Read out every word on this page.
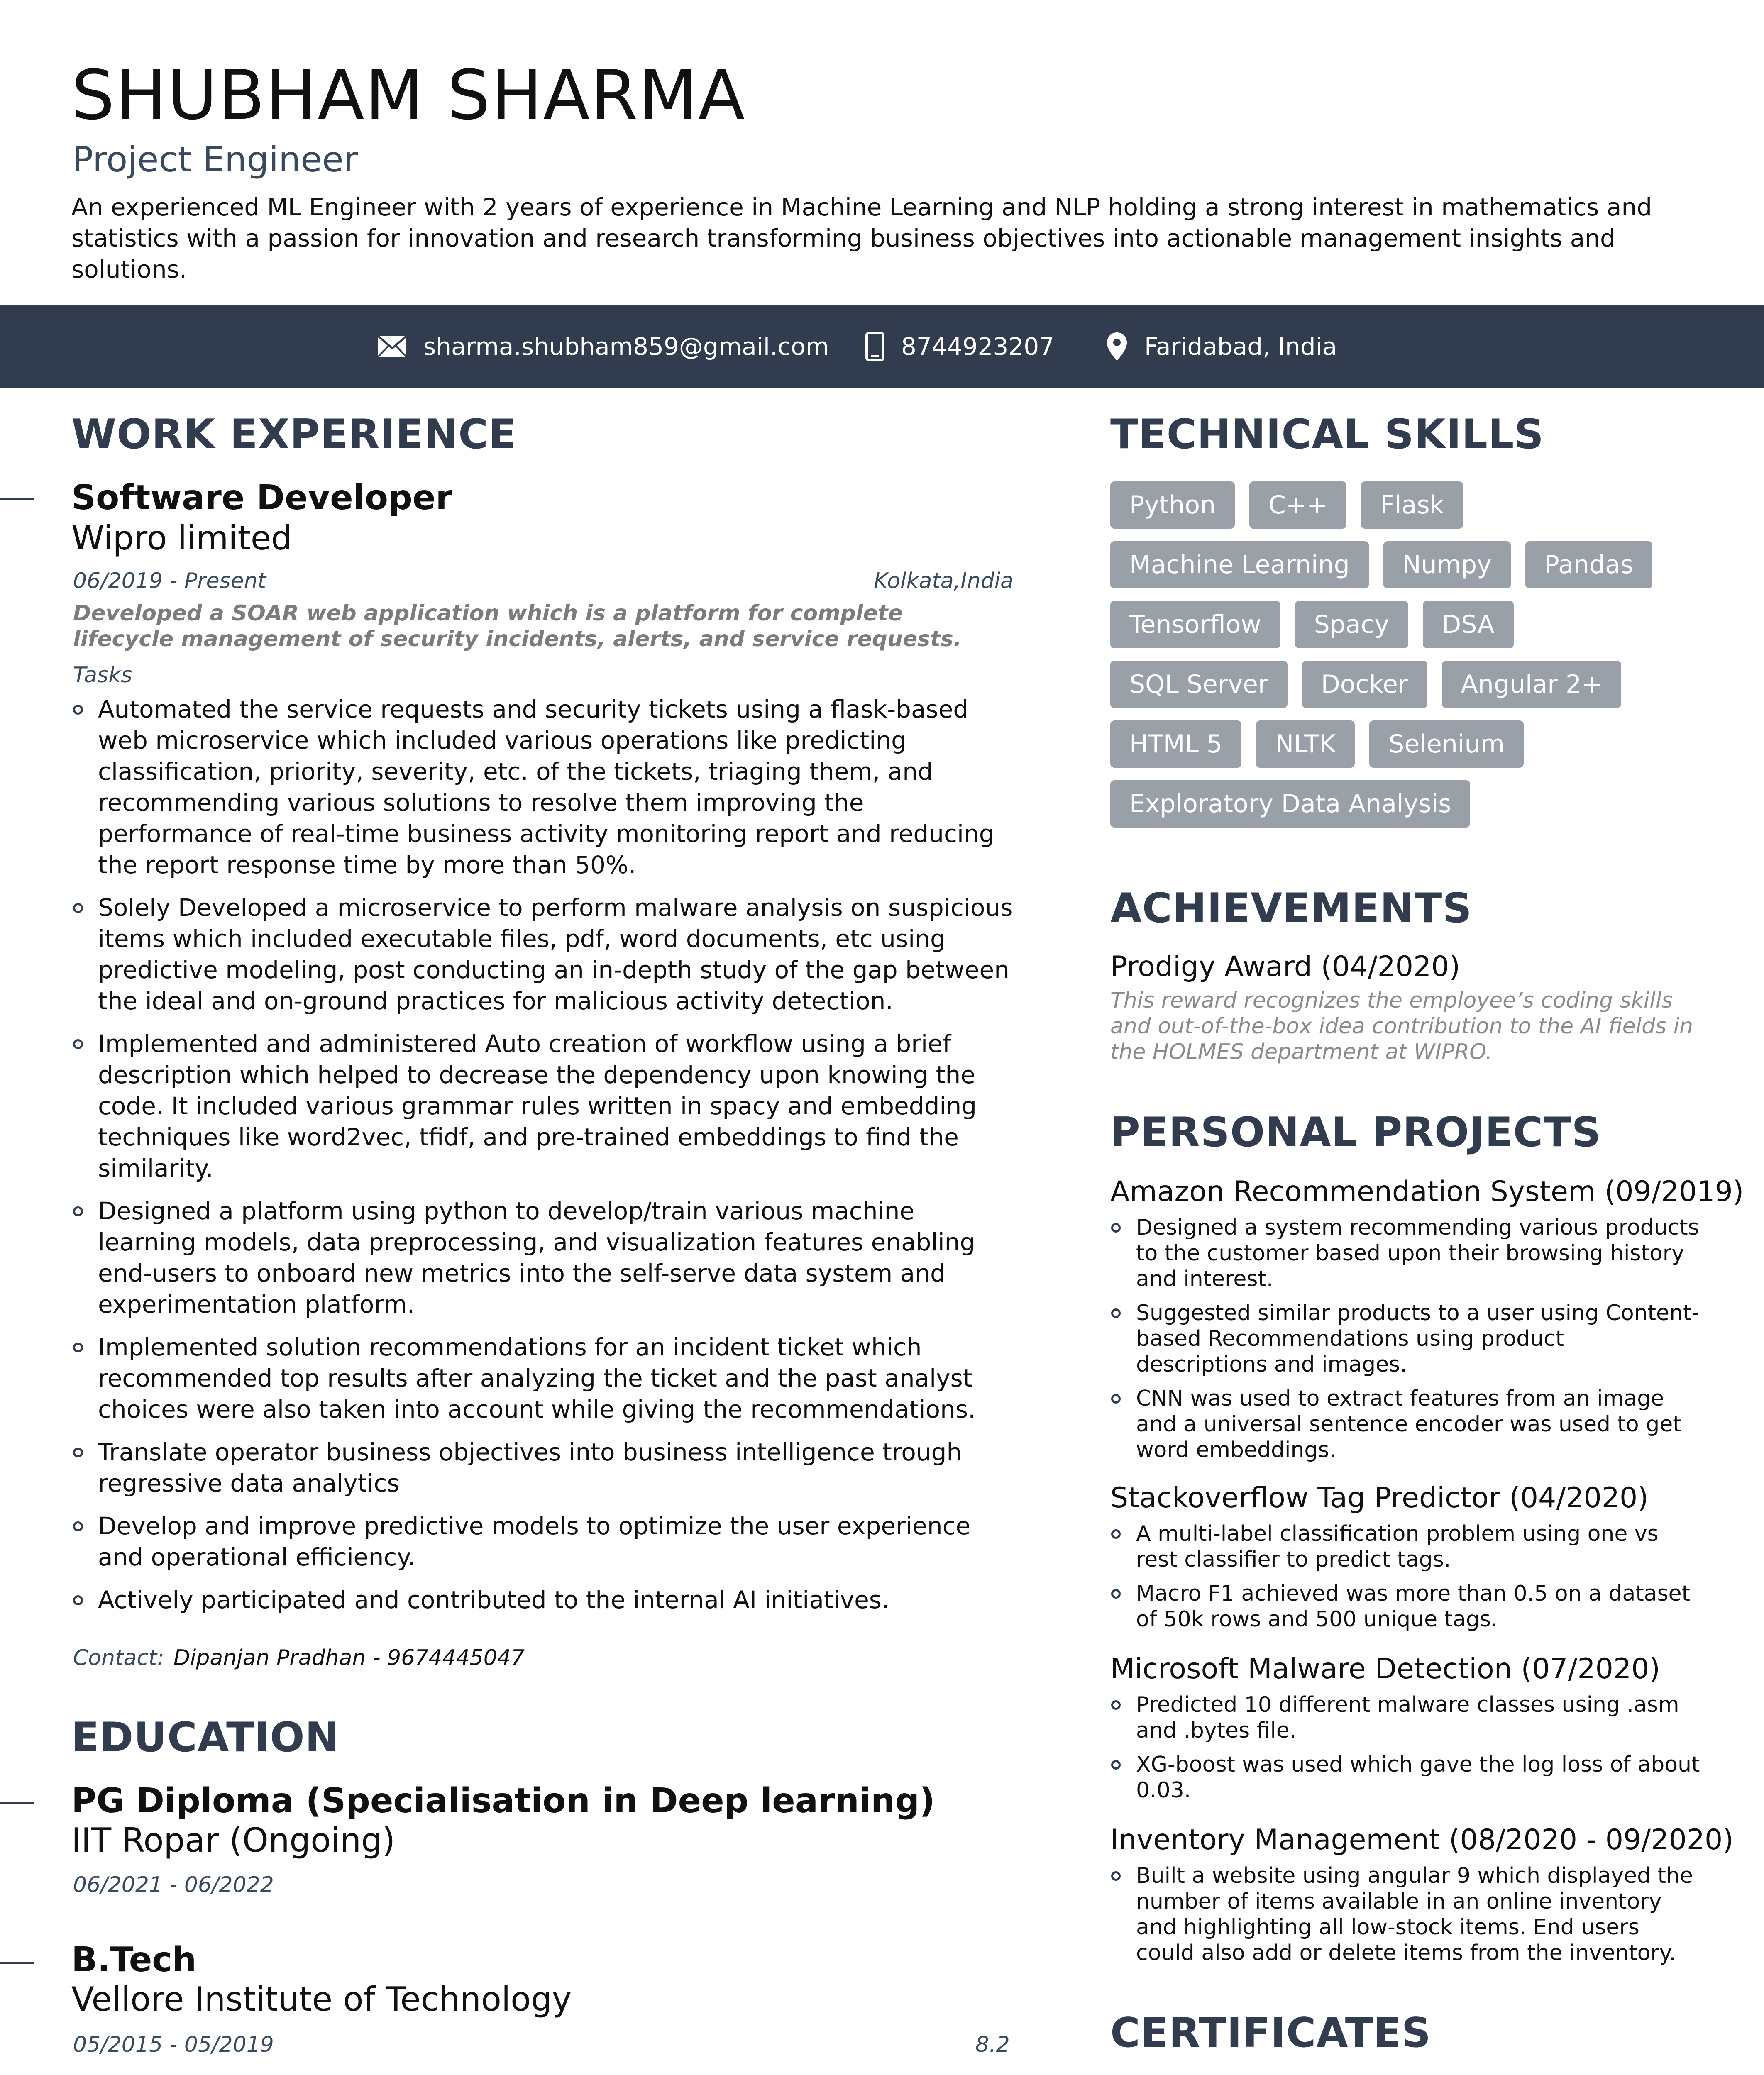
SHUBHAM SHARMA
Project Engineer
An experienced ML Engineer with 2 years of experience in Machine Learning and NLP holding a strong interest in mathematics and statistics with a passion for innovation and research transforming business objectives into actionable management insights and solutions.
sharma.shubham859@gmail.com	8744923207	Faridabad, India
WORK EXPERIENCE
Software Developer
Wipro limited
06/2019 - Present	Kolkata,India
Developed a SOAR web application which is a platform for complete lifecycle management of security incidents, alerts, and service requests.
Tasks
Automated the service requests and security tickets using a flask-based web microservice which included various operations like predicting classification, priority, severity, etc. of the tickets, triaging them, and recommending various solutions to resolve them improving the performance of real-time business activity monitoring report and reducing the report response time by more than 50%.
Solely Developed a microservice to perform malware analysis on suspicious items which included executable files, pdf, word documents, etc using predictive modeling, post conducting an in-depth study of the gap between the ideal and on-ground practices for malicious activity detection.
Implemented and administered Auto creation of workflow using a brief description which helped to decrease the dependency upon knowing the code. It included various grammar rules written in spacy and embedding techniques like word2vec, tfidf, and pre-trained embeddings to find the similarity.
Designed a platform using python to develop/train various machine learning models, data preprocessing, and visualization features enabling end-users to onboard new metrics into the self-serve data system and experimentation platform.
Implemented solution recommendations for an incident ticket which recommended top results after analyzing the ticket and the past analyst choices were also taken into account while giving the recommendations.
Translate operator business objectives into business intelligence trough regressive data analytics
Develop and improve predictive models to optimize the user experience and operational efficiency.
Actively participated and contributed to the internal AI initiatives.
Contact: Dipanjan Pradhan - 9674445047
EDUCATION
PG Diploma (Specialisation in Deep learning)
IIT Ropar (Ongoing)
06/2021 - 06/2022
B.Tech
Vellore Institute of Technology
05/2015 - 05/2019	8.2
TECHNICAL SKILLS
Python	C++	Flask
Machine Learning	Numpy	Pandas
Tensorflow	Spacy	DSA
SQL Server	Docker	Angular 2+
HTML 5	NLTK	Selenium
Exploratory Data Analysis
ACHIEVEMENTS
Prodigy Award (04/2020)
This reward recognizes the employee’s coding skills and out-of-the-box idea contribution to the AI fields in the HOLMES department at WIPRO.
PERSONAL PROJECTS
Amazon Recommendation System (09/2019)
Designed a system recommending various products to the customer based upon their browsing history and interest.
Suggested similar products to a user using Content-based Recommendations using product descriptions and images.
CNN was used to extract features from an image and a universal sentence encoder was used to get word embeddings.
Stackoverflow Tag Predictor (04/2020)
A multi-label classification problem using one vs rest classifier to predict tags.
Macro F1 achieved was more than 0.5 on a dataset of 50k rows and 500 unique tags.
Microsoft Malware Detection (07/2020)
Predicted 10 different malware classes using .asm and .bytes file.
XG-boost was used which gave the log loss of about 0.03.
Inventory Management (08/2020 - 09/2020)
Built a website using angular 9 which displayed the number of items available in an online inventory and highlighting all low-stock items. End users could also add or delete items from the inventory.
CERTIFICATES
